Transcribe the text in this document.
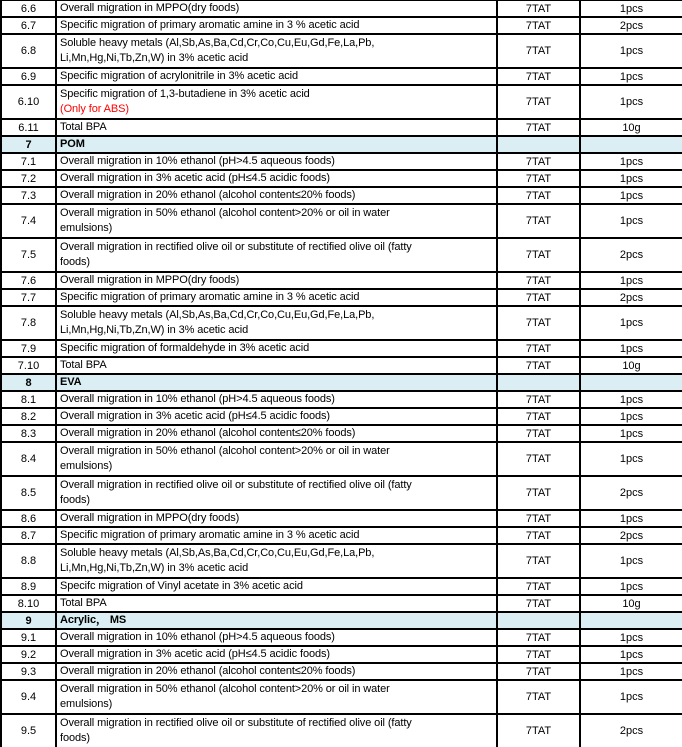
6.6	Overall migration in MPPO(dry foods)	7TAT	1pcs
6.7	Specific migration of primary aromatic amine in 3 % acetic acid	7TAT	2pcs
6.8	Soluble heavy metals (Al,Sb,As,Ba,Cd,Cr,Co,Cu,Eu,Gd,Fe,La,Pb,
Li,Mn,Hg,Ni,Tb,Zn,W) in 3% acetic acid	7TAT	1pcs
6.9	Specific migration of acrylonitrile in 3% acetic acid	7TAT	1pcs
6.10	Specific migration of 1,3-butadiene in 3% acetic acid
(Only for ABS)	7TAT	1pcs
6.11	Total BPA	7TAT	10g
7	POM		

7.1	Overall migration in 10% ethanol (pH>4.5 aqueous foods)	7TAT	1pcs
7.2	Overall migration in 3% acetic acid (pH≤4.5 acidic foods)	7TAT	1pcs
7.3	Overall migration in 20% ethanol (alcohol content≤20% foods)	7TAT	1pcs
7.4	Overall migration in 50% ethanol (alcohol content>20% or oil in water
emulsions)	7TAT	1pcs
7.5	Overall migration in rectified olive oil or substitute of rectified olive oil (fatty
foods)	7TAT	2pcs
7.6	Overall migration in MPPO(dry foods)	7TAT	1pcs
7.7	Specific migration of primary aromatic amine in 3 % acetic acid	7TAT	2pcs
7.8	Soluble heavy metals (Al,Sb,As,Ba,Cd,Cr,Co,Cu,Eu,Gd,Fe,La,Pb,
Li,Mn,Hg,Ni,Tb,Zn,W) in 3% acetic acid	7TAT	1pcs
7.9	Specific migration of formaldehyde in 3% acetic acid	7TAT	1pcs
7.10	Total BPA	7TAT	10g
8	EVA		

8.1	Overall migration in 10% ethanol (pH>4.5 aqueous foods)	7TAT	1pcs
8.2	Overall migration in 3% acetic acid (pH≤4.5 acidic foods)	7TAT	1pcs
8.3	Overall migration in 20% ethanol (alcohol content≤20% foods)	7TAT	1pcs
8.4	Overall migration in 50% ethanol (alcohol content>20% or oil in water
emulsions)	7TAT	1pcs
8.5	Overall migration in rectified olive oil or substitute of rectified olive oil (fatty
foods)	7TAT	2pcs
8.6	Overall migration in MPPO(dry foods)	7TAT	1pcs
8.7	Specific migration of primary aromatic amine in 3 % acetic acid	7TAT	2pcs
8.8	Soluble heavy metals (Al,Sb,As,Ba,Cd,Cr,Co,Cu,Eu,Gd,Fe,La,Pb,
Li,Mn,Hg,Ni,Tb,Zn,W) in 3% acetic acid	7TAT	1pcs
8.9	Specifc migration of Vinyl acetate in 3% acetic acid	7TAT	1pcs
8.10	Total BPA	7TAT	10g
9	Acrylic， MS		

9.1	Overall migration in 10% ethanol (pH>4.5 aqueous foods)	7TAT	1pcs
9.2	Overall migration in 3% acetic acid (pH≤4.5 acidic foods)	7TAT	1pcs
9.3	Overall migration in 20% ethanol (alcohol content≤20% foods)	7TAT	1pcs
9.4	Overall migration in 50% ethanol (alcohol content>20% or oil in water
emulsions)	7TAT	1pcs
9.5	Overall migration in rectified olive oil or substitute of rectified olive oil (fatty
foods)	7TAT	2pcs
